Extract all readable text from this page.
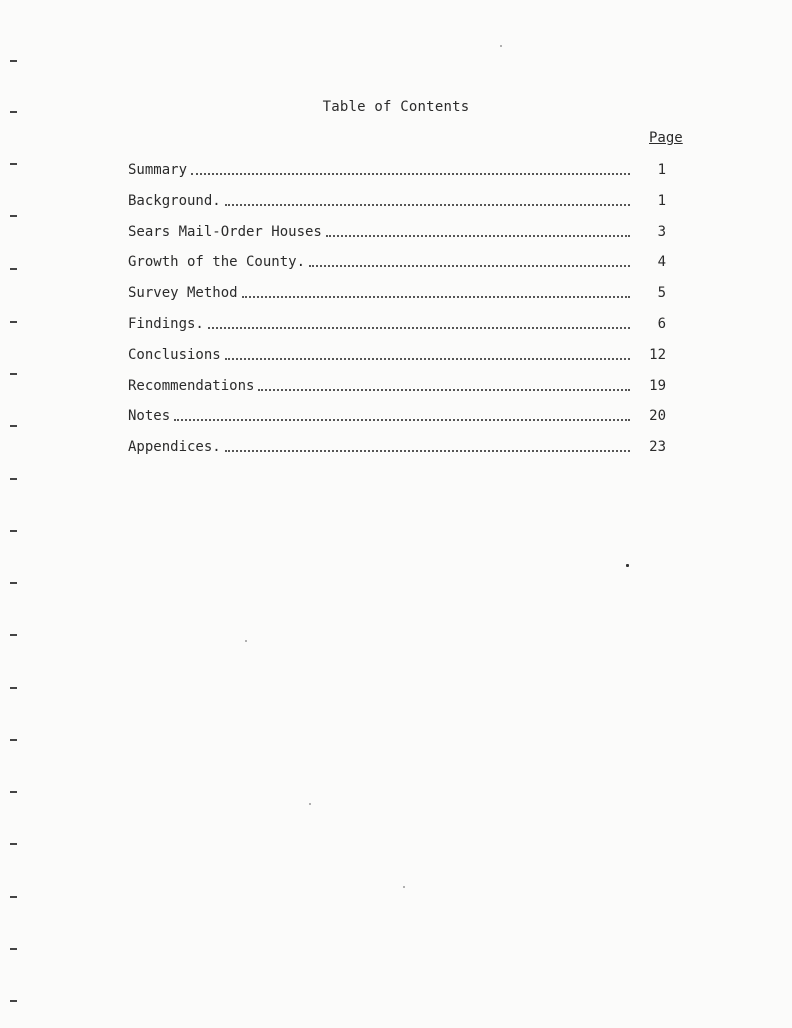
Table of Contents
Page
Summary	1
Background.	1
Sears Mail-Order Houses	3
Growth of the County.	4
Survey Method	5
Findings.	6
Conclusions	12
Recommendations	19
Notes	20
Appendices.	23
